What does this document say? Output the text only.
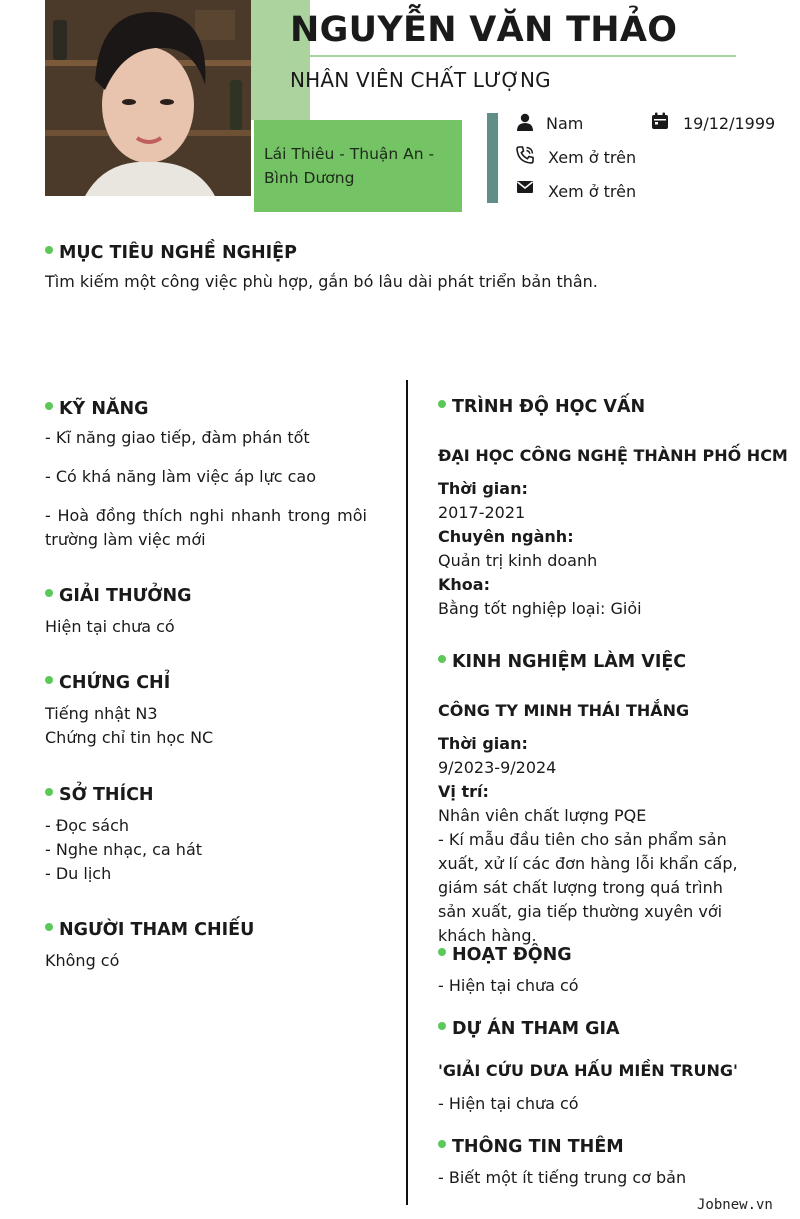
Lái Thiêu - Thuận An - Bình Dương
NGUYỄN VĂN THẢO
NHÂN VIÊN CHẤT LƯỢNG
Nam	19/12/1999
Xem ở trên
Xem ở trên
MỤC TIÊU NGHỀ NGHIỆP
Tìm kiếm một công việc phù hợp, gắn bó lâu dài phát triển bản thân.
KỸ NĂNG
- Kĩ năng giao tiếp, đàm phán tốt
- Có khá năng làm việc áp lực cao
- Hoà đồng thích nghi nhanh trong môi trường làm việc mới
GIẢI THƯỞNG
Hiện tại chưa có
CHỨNG CHỈ
Tiếng nhật N3
Chứng chỉ tin học NC
SỞ THÍCH
- Đọc sách
- Nghe nhạc, ca hát
- Du lịch
NGƯỜI THAM CHIẾU
Không có
TRÌNH ĐỘ HỌC VẤN
ĐẠI HỌC CÔNG NGHỆ THÀNH PHỐ HCM
Thời gian:
2017-2021
Chuyên ngành:
Quản trị kinh doanh
Khoa:
Bằng tốt nghiệp loại: Giỏi
KINH NGHIỆM LÀM VIỆC
CÔNG TY MINH THÁI THẮNG
Thời gian:
9/2023-9/2024
Vị trí:
Nhân viên chất lượng PQE
- Kí mẫu đầu tiên cho sản phẩm sản xuất, xử lí các đơn hàng lỗi khẩn cấp, giám sát chất lượng trong quá trình sản xuất, gia tiếp thường xuyên với khách hàng.
HOẠT ĐỘNG
- Hiện tại chưa có
DỰ ÁN THAM GIA
'GIẢI CỨU DƯA HẤU MIỀN TRUNG'
- Hiện tại chưa có
THÔNG TIN THÊM
- Biết một ít tiếng trung cơ bản
Jobnew.vn
